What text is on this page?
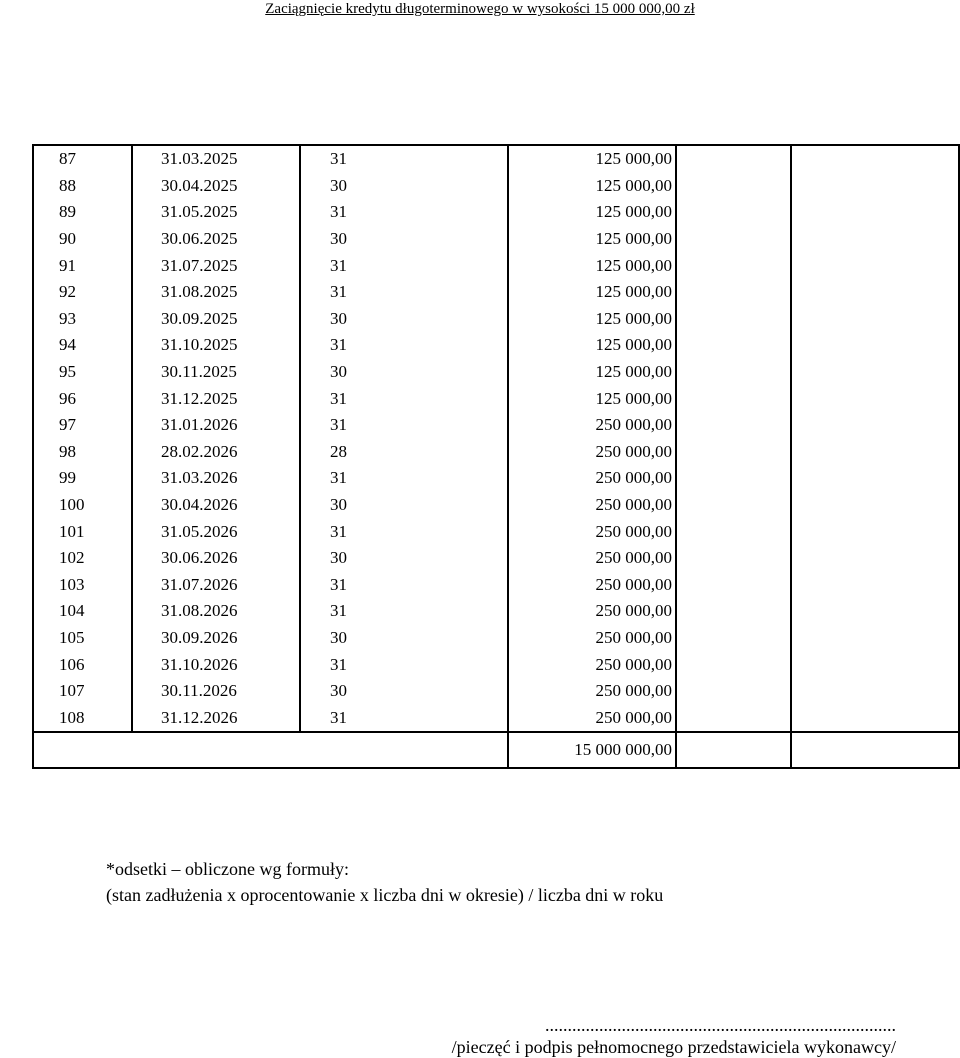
Zaciągnięcie kredytu długoterminowego w wysokości 15 000 000,00 zł
87	31.03.2025	31	125 000,00		
88	30.04.2025	30	125 000,00		
89	31.05.2025	31	125 000,00		
90	30.06.2025	30	125 000,00		
91	31.07.2025	31	125 000,00		
92	31.08.2025	31	125 000,00		
93	30.09.2025	30	125 000,00		
94	31.10.2025	31	125 000,00		
95	30.11.2025	30	125 000,00		
96	31.12.2025	31	125 000,00		
97	31.01.2026	31	250 000,00		
98	28.02.2026	28	250 000,00		
99	31.03.2026	31	250 000,00		
100	30.04.2026	30	250 000,00		
101	31.05.2026	31	250 000,00		
102	30.06.2026	30	250 000,00		
103	31.07.2026	31	250 000,00		
104	31.08.2026	31	250 000,00		
105	30.09.2026	30	250 000,00		
106	31.10.2026	31	250 000,00		
107	30.11.2026	30	250 000,00		
108	31.12.2026	31	250 000,00		
			15 000 000,00		
*odsetki – obliczone wg formuły:
(stan zadłużenia x oprocentowanie x liczba dni w okresie) / liczba dni w roku
..............................................................................
/pieczęć i podpis pełnomocnego przedstawiciela wykonawcy/
